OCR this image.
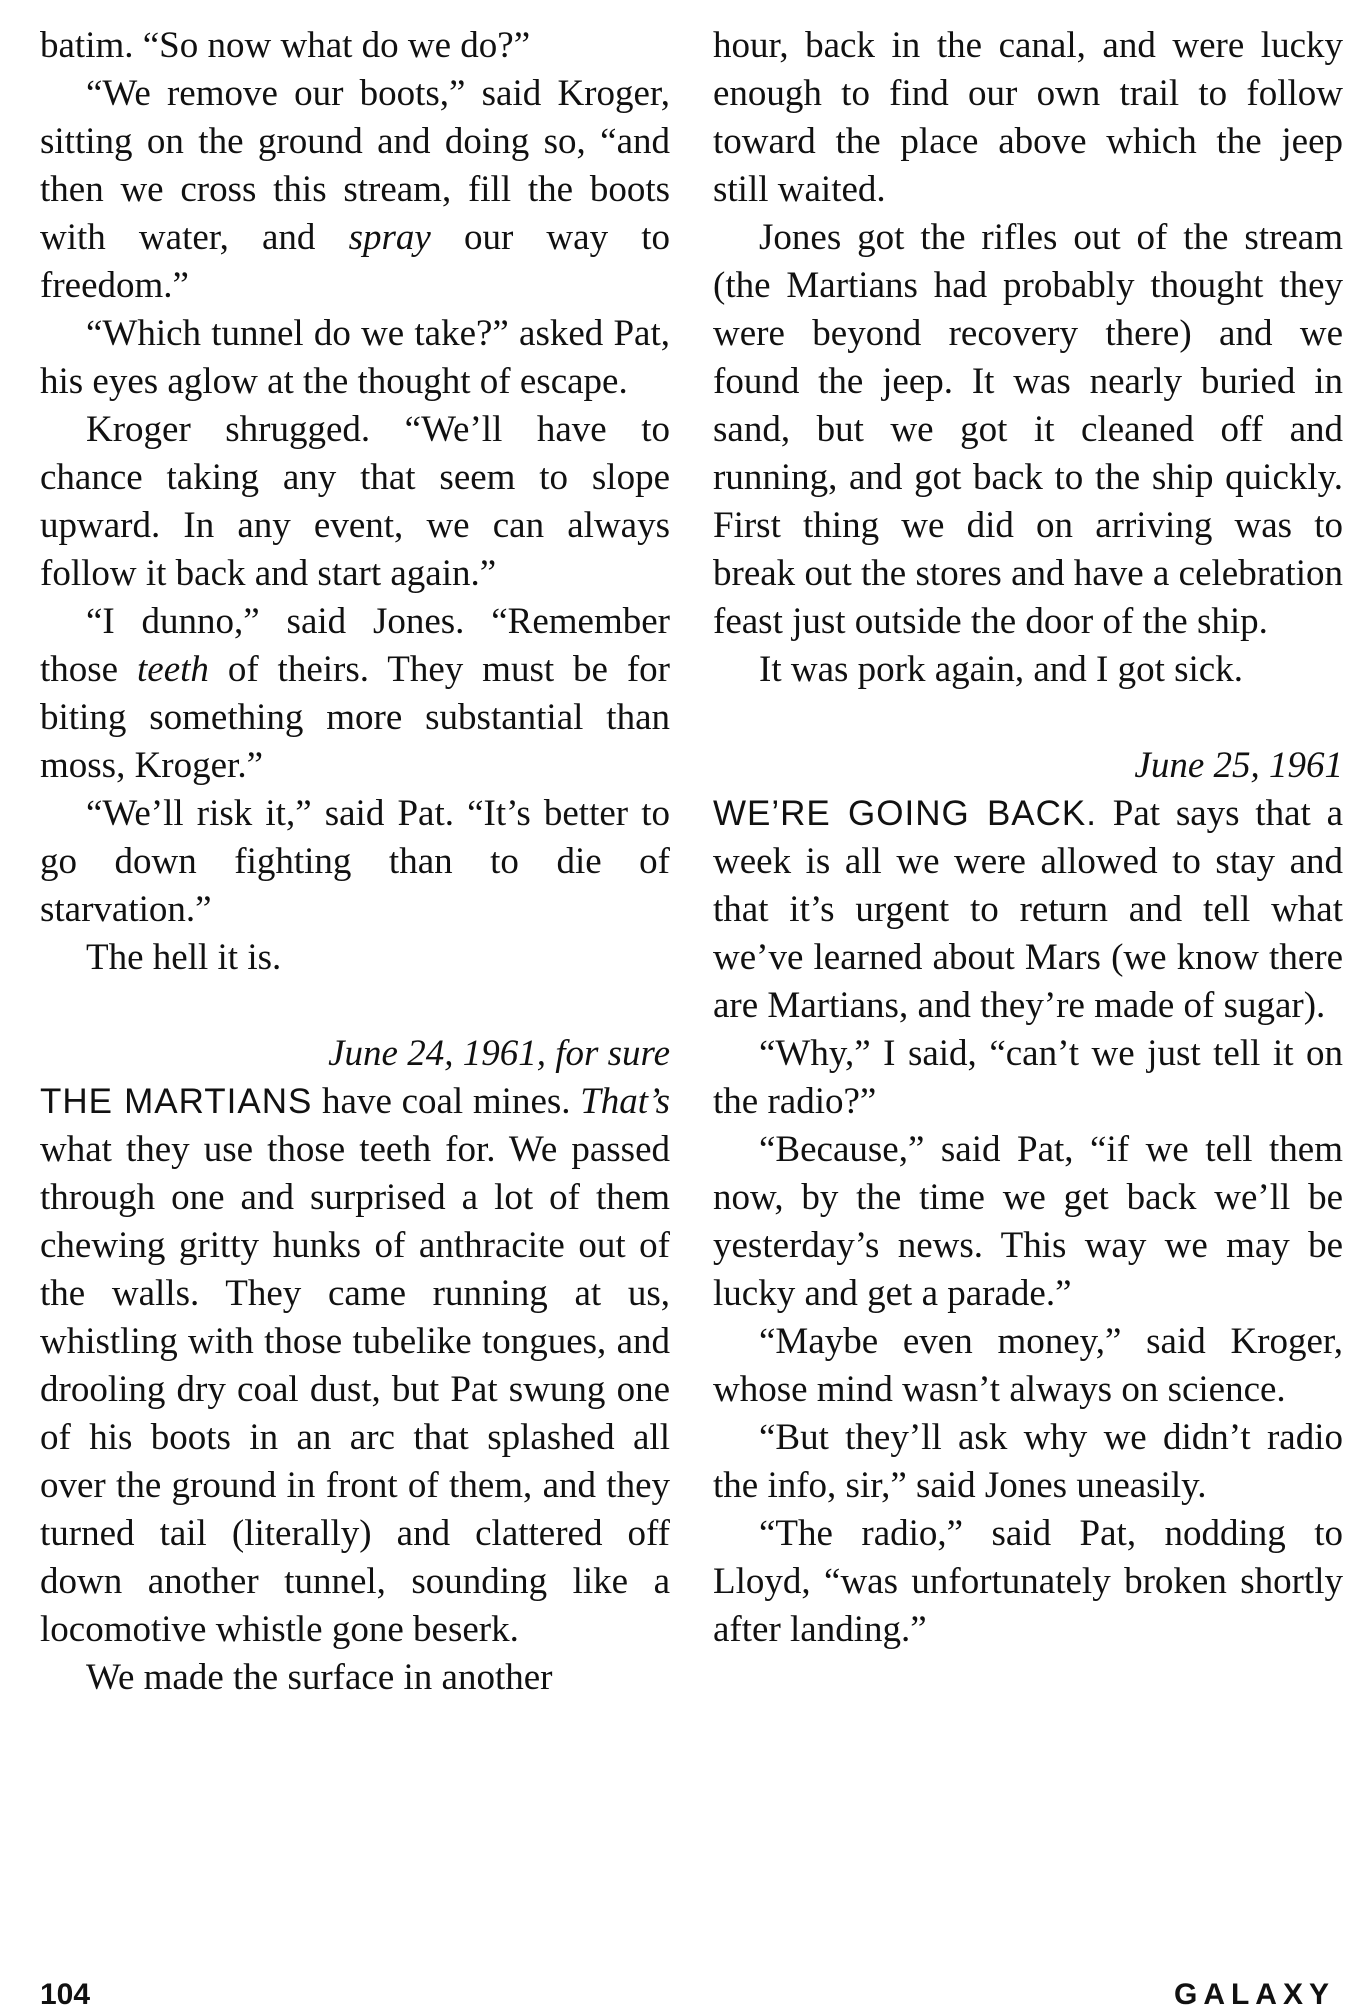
batim. “So now what do we do?”

“We remove our boots,” said Kroger, sitting on the ground and doing so, “and then we cross this stream, fill the boots with water, and spray our way to freedom.”

“Which tunnel do we take?” asked Pat, his eyes aglow at the thought of escape.

Kroger shrugged. “We’ll have to chance taking any that seem to slope upward. In any event, we can always follow it back and start again.”

“I dunno,” said Jones. “Remember those teeth of theirs. They must be for biting something more substantial than moss, Kroger.”

“We’ll risk it,” said Pat. “It’s better to go down fighting than to die of starvation.”

The hell it is.

June 24, 1961, for sure

THE MARTIANS have coal mines. That’s what they use those teeth for. We passed through one and surprised a lot of them chewing gritty hunks of anthracite out of the walls. They came running at us, whistling with those tubelike tongues, and drooling dry coal dust, but Pat swung one of his boots in an arc that splashed all over the ground in front of them, and they turned tail (literally) and clattered off down another tunnel, sounding like a locomotive whistle gone beserk.

We made the surface in another

hour, back in the canal, and were lucky enough to find our own trail to follow toward the place above which the jeep still waited.

Jones got the rifles out of the stream (the Martians had probably thought they were beyond recovery there) and we found the jeep. It was nearly buried in sand, but we got it cleaned off and running, and got back to the ship quickly. First thing we did on arriving was to break out the stores and have a celebration feast just outside the door of the ship.

It was pork again, and I got sick.

June 25, 1961

WE’RE GOING BACK. Pat says that a week is all we were allowed to stay and that it’s urgent to return and tell what we’ve learned about Mars (we know there are Martians, and they’re made of sugar).

“Why,” I said, “can’t we just tell it on the radio?”

“Because,” said Pat, “if we tell them now, by the time we get back we’ll be yesterday’s news. This way we may be lucky and get a parade.”

“Maybe even money,” said Kroger, whose mind wasn’t always on science.

“But they’ll ask why we didn’t radio the info, sir,” said Jones uneasily.

“The radio,” said Pat, nodding to Lloyd, “was unfortunately broken shortly after landing.”

104	GALAXY
